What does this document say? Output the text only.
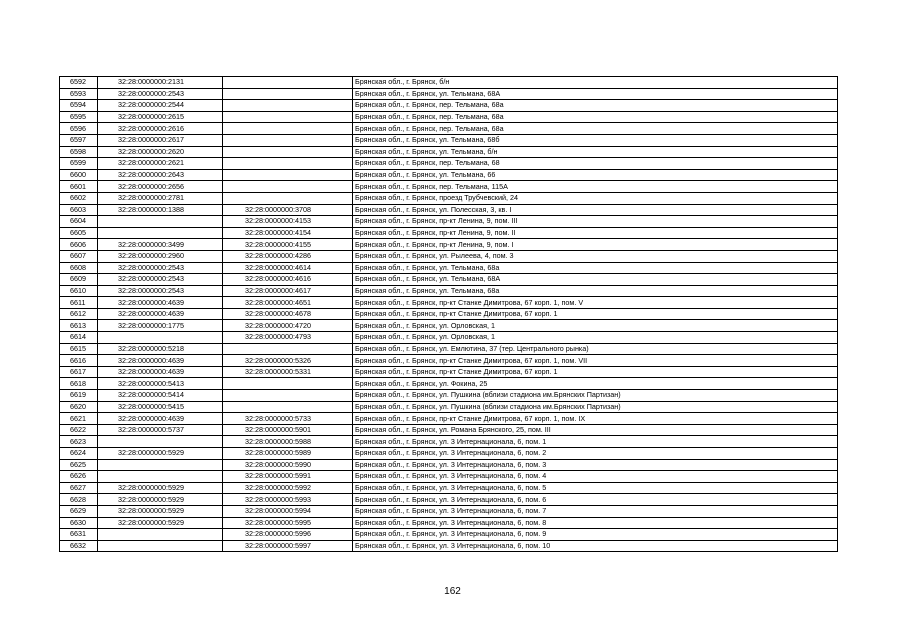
6592	32:28:0000000:2131		Брянская обл., г. Брянск, б/н
6593	32:28:0000000:2543		Брянская обл., г. Брянск, ул. Тельмана, 68А
6594	32:28:0000000:2544		Брянская обл., г. Брянск, пер. Тельмана, 68а
6595	32:28:0000000:2615		Брянская обл., г. Брянск, пер. Тельмана, 68а
6596	32:28:0000000:2616		Брянская обл., г. Брянск, пер. Тельмана, 68а
6597	32:28:0000000:2617		Брянская обл., г. Брянск, ул. Тельмана, 68б
6598	32:28:0000000:2620		Брянская обл., г. Брянск, ул. Тельмана, б/н
6599	32:28:0000000:2621		Брянская обл., г. Брянск, пер. Тельмана, 68
6600	32:28:0000000:2643		Брянская обл., г. Брянск, ул. Тельмана, 66
6601	32:28:0000000:2656		Брянская обл., г. Брянск, пер. Тельмана, 115А
6602	32:28:0000000:2781		Брянская обл., г. Брянск, проезд Трубчевский, 24
6603	32:28:0000000:1388	32:28:0000000:3708	Брянская обл., г. Брянск, ул. Полесская, 3, кв. I
6604		32:28:0000000:4153	Брянская обл., г. Брянск, пр-кт Ленина, 9, пом. III
6605		32:28:0000000:4154	Брянская обл., г. Брянск, пр-кт Ленина, 9, пом. II
6606	32:28:0000000:3499	32:28:0000000:4155	Брянская обл., г. Брянск, пр-кт Ленина, 9, пом. I
6607	32:28:0000000:2960	32:28:0000000:4286	Брянская обл., г. Брянск, ул. Рылеева, 4, пом. 3
6608	32:28:0000000:2543	32:28:0000000:4614	Брянская обл., г. Брянск, ул. Тельмана, 68а
6609	32:28:0000000:2543	32:28:0000000:4616	Брянская обл., г. Брянск, ул. Тельмана, 68А
6610	32:28:0000000:2543	32:28:0000000:4617	Брянская обл., г. Брянск, ул. Тельмана, 68а
6611	32:28:0000000:4639	32:28:0000000:4651	Брянская обл., г. Брянск, пр-кт Станке Димитрова, 67 корп. 1, пом. V
6612	32:28:0000000:4639	32:28:0000000:4678	Брянская обл., г. Брянск, пр-кт Станке Димитрова, 67 корп. 1
6613	32:28:0000000:1775	32:28:0000000:4720	Брянская обл., г. Брянск, ул. Орловская, 1
6614		32:28:0000000:4793	Брянская обл., г. Брянск, ул. Орловская, 1
6615	32:28:0000000:5218		Брянская обл., г. Брянск, ул. Емлютина, 37 (тер. Центрального рынка)
6616	32:28:0000000:4639	32:28:0000000:5326	Брянская обл., г. Брянск, пр-кт Станке Димитрова, 67 корп. 1, пом. VII
6617	32:28:0000000:4639	32:28:0000000:5331	Брянская обл., г. Брянск, пр-кт Станке Димитрова, 67 корп. 1
6618	32:28:0000000:5413		Брянская обл., г. Брянск, ул. Фокина, 25
6619	32:28:0000000:5414		Брянская обл., г. Брянск, ул. Пушкина (вблизи стадиона им.Брянских Партизан)
6620	32:28:0000000:5415		Брянская обл., г. Брянск, ул. Пушкина (вблизи стадиона им.Брянских Партизан)
6621	32:28:0000000:4639	32:28:0000000:5733	Брянская обл., г. Брянск, пр-кт Станке Димитрова, 67 корп. 1, пом. IX
6622	32:28:0000000:5737	32:28:0000000:5901	Брянская обл., г. Брянск, ул. Романа Брянского, 25, пом. III
6623		32:28:0000000:5988	Брянская обл., г. Брянск, ул. 3 Интернационала, 6, пом. 1
6624	32:28:0000000:5929	32:28:0000000:5989	Брянская обл., г. Брянск, ул. 3 Интернационала, 6, пом. 2
6625		32:28:0000000:5990	Брянская обл., г. Брянск, ул. 3 Интернационала, 6, пом. 3
6626		32:28:0000000:5991	Брянская обл., г. Брянск, ул. 3 Интернационала, 6, пом. 4
6627	32:28:0000000:5929	32:28:0000000:5992	Брянская обл., г. Брянск, ул. 3 Интернационала, 6, пом. 5
6628	32:28:0000000:5929	32:28:0000000:5993	Брянская обл., г. Брянск, ул. 3 Интернационала, 6, пом. 6
6629	32:28:0000000:5929	32:28:0000000:5994	Брянская обл., г. Брянск, ул. 3 Интернационала, 6, пом. 7
6630	32:28:0000000:5929	32:28:0000000:5995	Брянская обл., г. Брянск, ул. 3 Интернационала, 6, пом. 8
6631		32:28:0000000:5996	Брянская обл., г. Брянск, ул. 3 Интернационала, 6, пом. 9
6632		32:28:0000000:5997	Брянская обл., г. Брянск, ул. 3 Интернационала, 6, пом. 10
162
